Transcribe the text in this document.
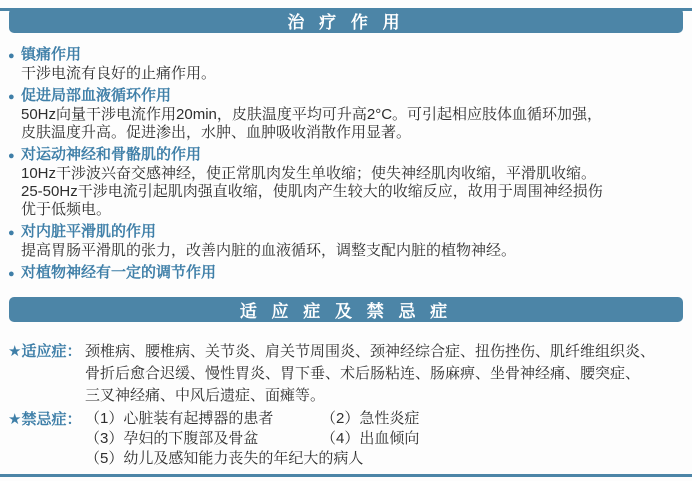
治 疗 作 用
● 镇痛作用
干涉电流有良好的止痛作用。
● 促进局部血液循环作用
50Hz向量干涉电流作用20min，皮肤温度平均可升高2°C。可引起相应肢体血循环加强，
皮肤温度升高。促进渗出，水肿、血肿吸收消散作用显著。
● 对运动神经和骨骼肌的作用
10Hz干涉波兴奋交感神经，使正常肌肉发生单收缩；使失神经肌肉收缩，平滑肌收缩。
25-50Hz干涉电流引起肌肉强直收缩，使肌肉产生较大的收缩反应，故用于周围神经损伤
优于低频电。
● 对内脏平滑肌的作用
提高胃肠平滑肌的张力，改善内脏的血液循环，调整支配内脏的植物神经。
● 对植物神经有一定的调节作用
适 应 症 及 禁 忌 症
★适应症： 颈椎病、腰椎病、关节炎、肩关节周围炎、颈神经综合症、扭伤挫伤、肌纤维组织炎、
骨折后愈合迟缓、慢性胃炎、胃下垂、术后肠粘连、肠麻痹、坐骨神经痛、腰突症、
三叉神经痛、中风后遗症、面瘫等。
★禁忌症： （1）心脏装有起搏器的患者	（2）急性炎症
（3）孕妇的下腹部及骨盆	（4）出血倾向
（5）幼儿及感知能力丧失的年纪大的病人
